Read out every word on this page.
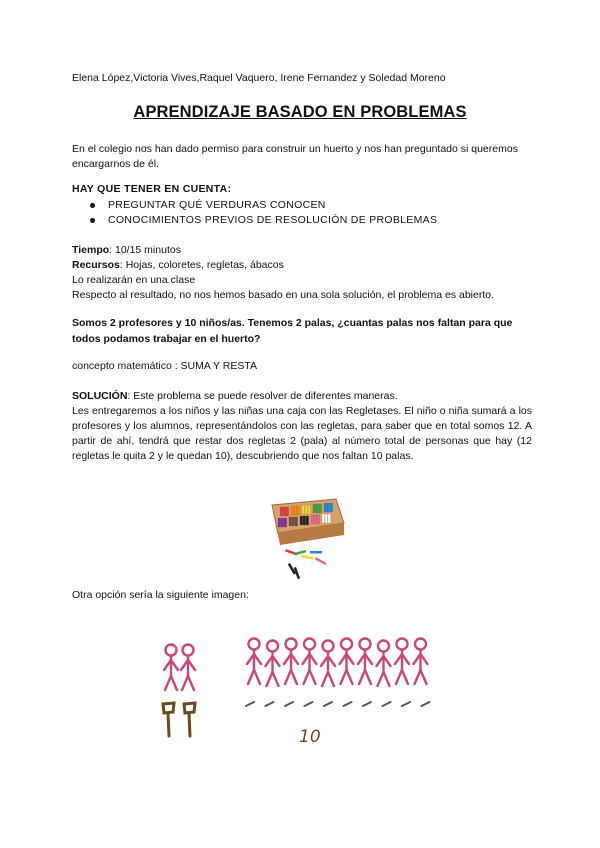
Elena López,Victoria Vives,Raquel Vaquero, Irene Fernandez y Soledad Moreno
APRENDIZAJE BASADO EN PROBLEMAS
En el colegio nos han dado permiso para construir un huerto y nos han preguntado si queremos encargarnos de él.
HAY QUE TENER EN CUENTA:
PREGUNTAR QUÉ VERDURAS CONOCEN
CONOCIMIENTOS PREVIOS DE RESOLUCIÓN DE PROBLEMAS
Tiempo: 10/15 minutos
Recursos: Hojas, coloretes, regletas, ábacos
Lo realizarán en una clase
Respecto al resultado, no nos hemos basado en una sola solución, el problema es abierto.
Somos 2 profesores y 10 niños/as. Tenemos 2 palas, ¿cuantas palas nos faltan para que todos podamos trabajar en el huerto?
concepto matemático : SUMA Y RESTA
SOLUCIÓN: Este problema se puede resolver de diferentes maneras.
Les entregaremos a los niños y las niñas una caja con las Regletases. El niño o niña sumará a los profesores y los alumnos, representándolos con las regletas, para saber que en total somos 12. A partir de ahí, tendrá que restar dos regletas 2 (pala) al número total de personas que hay (12 regletas le quita 2 y le quedan 10), descubriendo que nos faltan 10 palas.
Otra opción sería la siguiente imagen:
10
